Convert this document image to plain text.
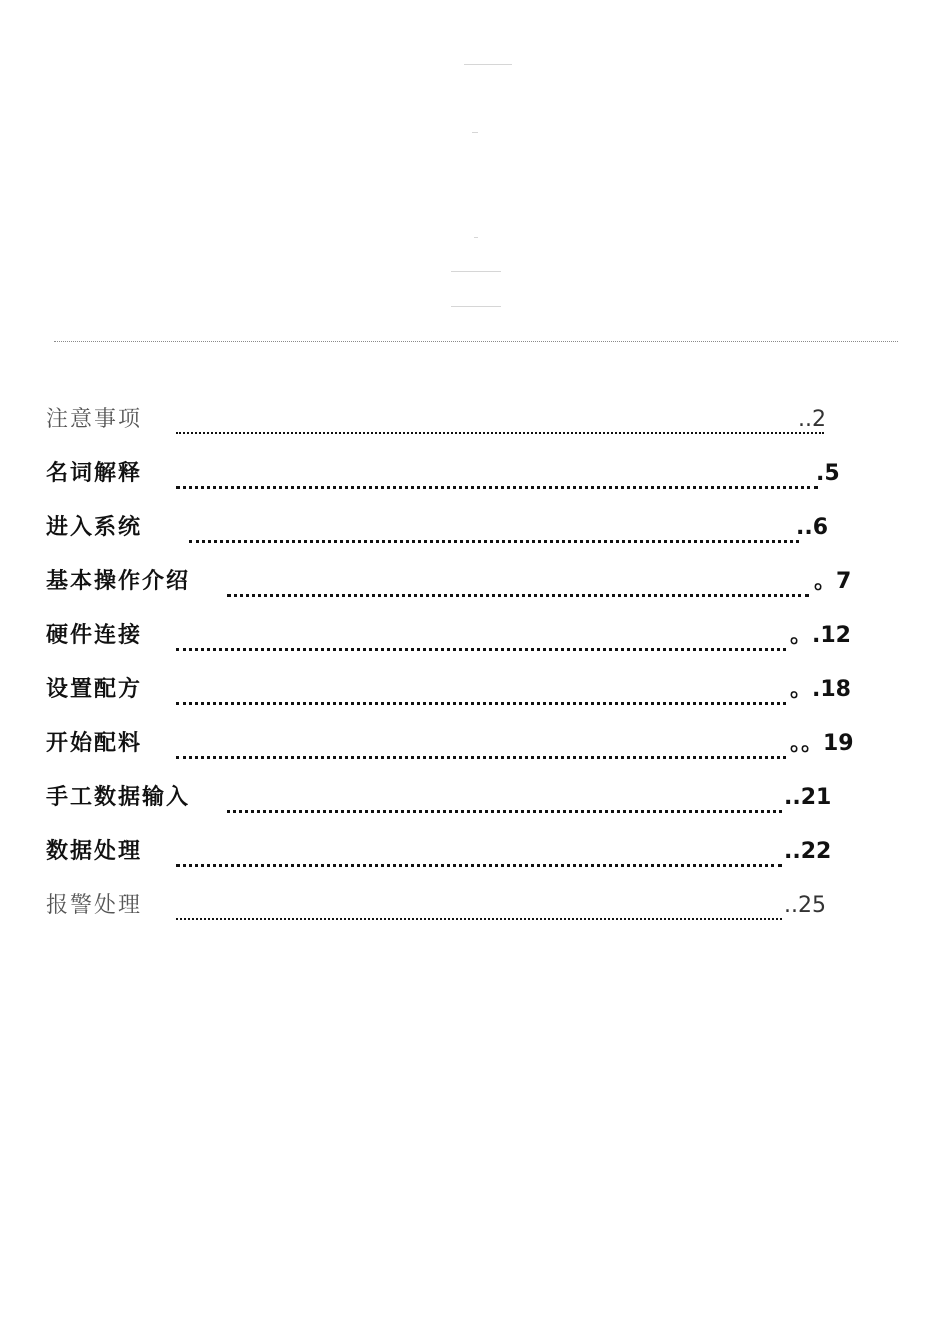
注意事项	..2
名词解释	.5
进入系统	..6
基本操作介绍	。7
硬件连接	。.12
设置配方	。.18
开始配料	。。19
手工数据输入	..21
数据处理	..22
报警处理	..25
